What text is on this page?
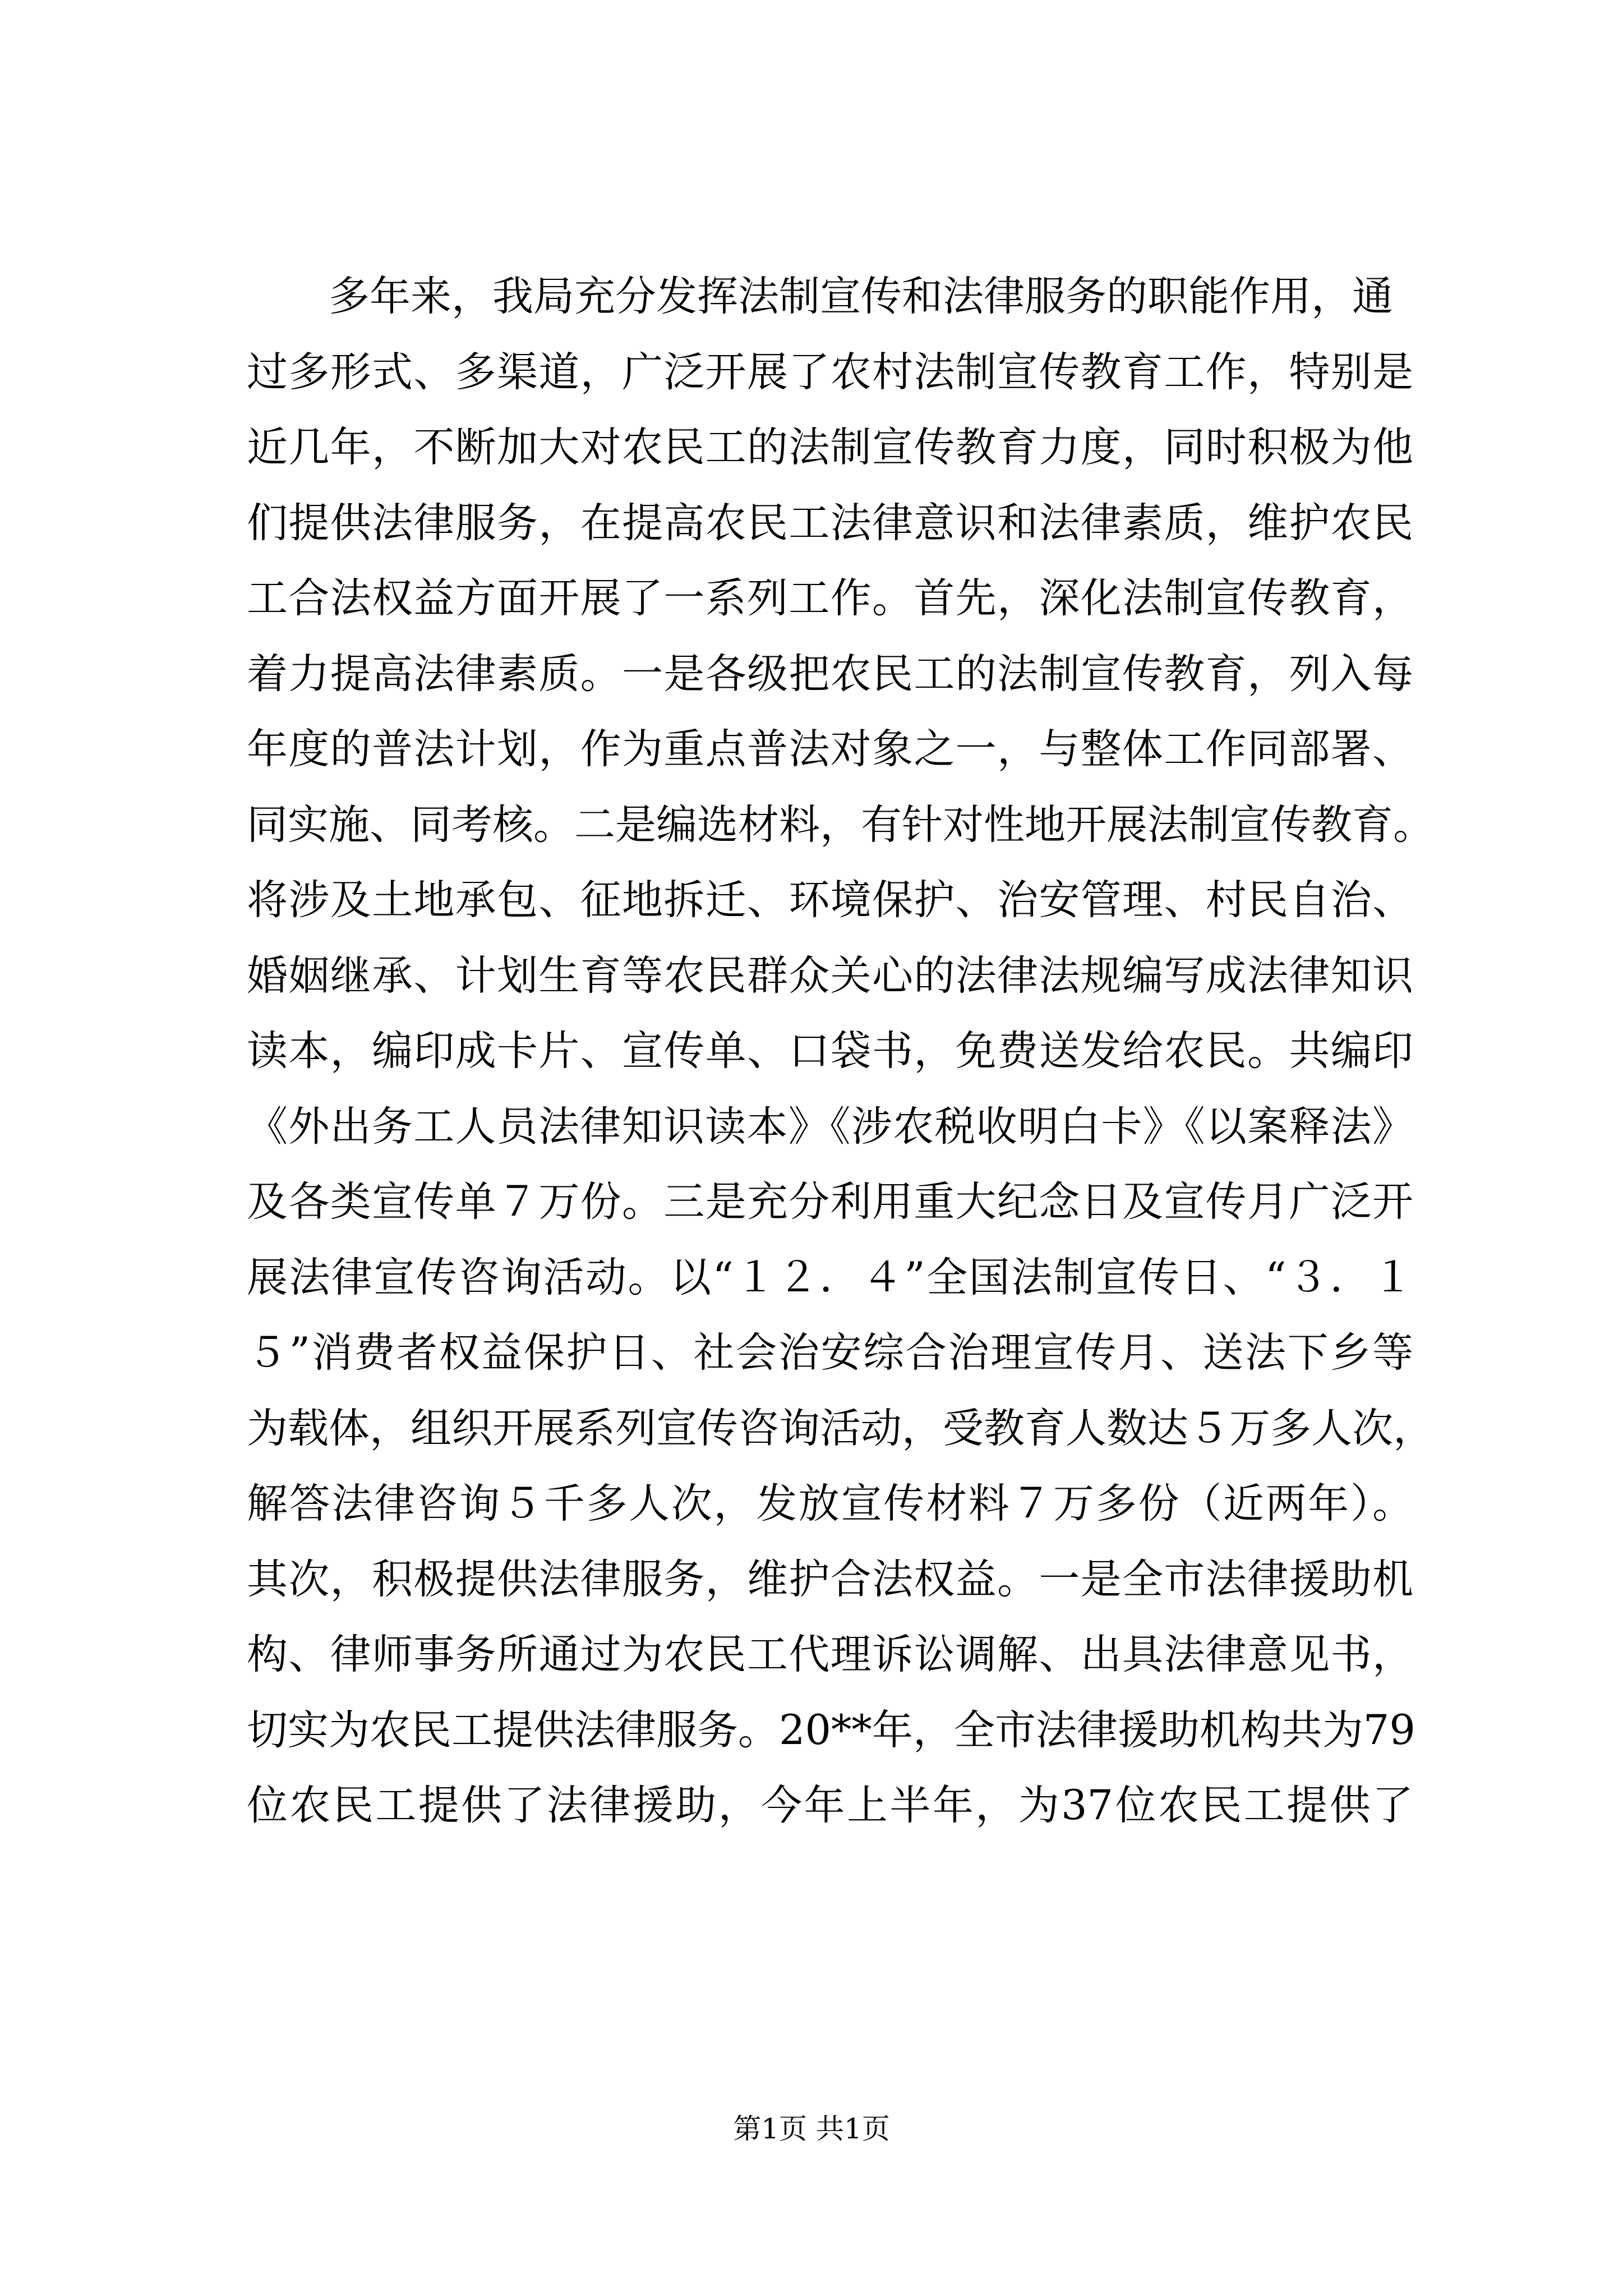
　　多年来，我局充分发挥法制宣传和法律服务的职能作用，通
过多形式、多渠道，广泛开展了农村法制宣传教育工作，特别是
近几年，不断加大对农民工的法制宣传教育力度，同时积极为他
们提供法律服务，在提高农民工法律意识和法律素质，维护农民
工合法权益方面开展了一系列工作。首先，深化法制宣传教育，
着力提高法律素质。一是各级把农民工的法制宣传教育，列入每
年度的普法计划，作为重点普法对象之一，与整体工作同部署、
同实施、同考核。二是编选材料，有针对性地开展法制宣传教育。
将涉及土地承包、征地拆迁、环境保护、治安管理、村民自治、
婚姻继承、计划生育等农民群众关心的法律法规编写成法律知识
读本，编印成卡片、宣传单、口袋书，免费送发给农民。共编印
《外出务工人员法律知识读本》《涉农税收明白卡》《以案释法》
及各类宣传单７万份。三是充分利用重大纪念日及宣传月广泛开
展法律宣传咨询活动。以“１２．４”全国法制宣传日、“３．１
５”消费者权益保护日、社会治安综合治理宣传月、送法下乡等
为载体，组织开展系列宣传咨询活动，受教育人数达５万多人次，
解答法律咨询５千多人次，发放宣传材料７万多份（近两年）。
其次，积极提供法律服务，维护合法权益。一是全市法律援助机
构、律师事务所通过为农民工代理诉讼调解、出具法律意见书，
切实为农民工提供法律服务。20**年，全市法律援助机构共为79
位农民工提供了法律援助，今年上半年，为37位农民工提供了
第1页 共1页
